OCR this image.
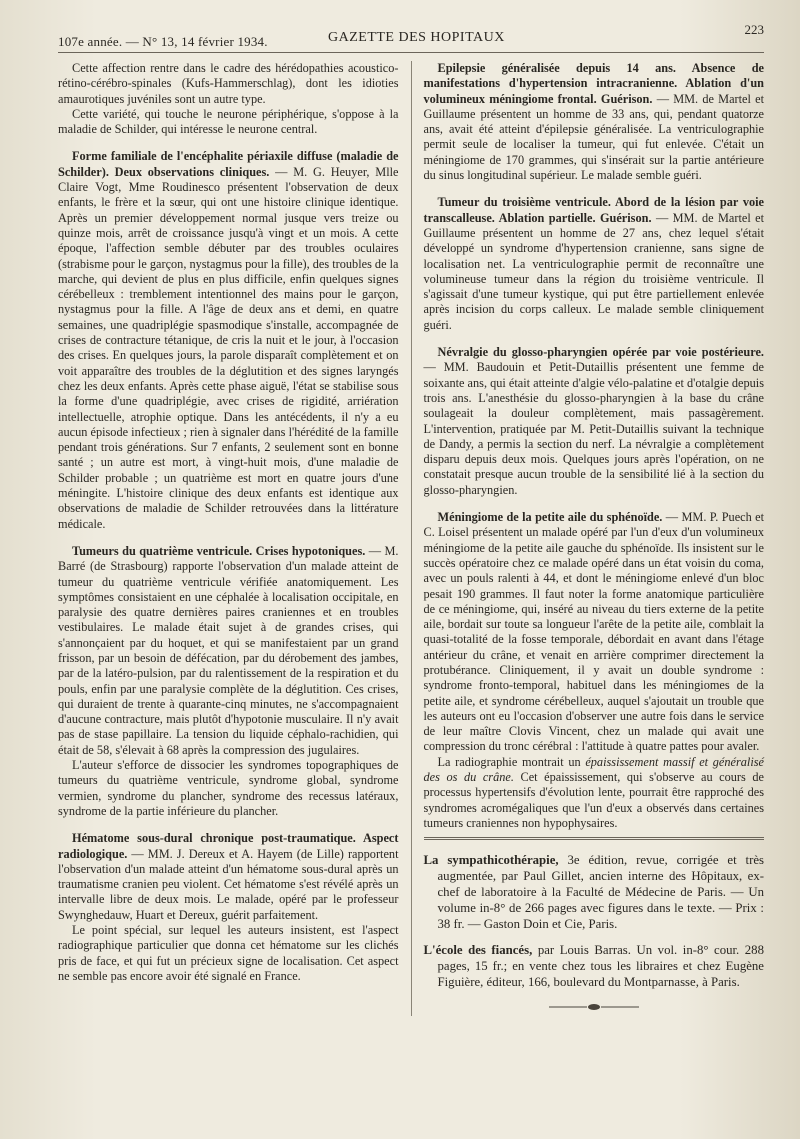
107e année. — N° 13, 14 février 1934.	GAZETTE DES HOPITAUX
223

Cette affection rentre dans le cadre des hérédopathies acoustico-rétino-cérébro-spinales (Kufs-Hammerschlag), dont les idioties amaurotiques juvéniles sont un autre type.

Cette variété, qui touche le neurone périphérique, s'oppose à la maladie de Schilder, qui intéresse le neurone central.

Forme familiale de l'encéphalite périaxile diffuse (maladie de Schilder). Deux observations cliniques. — M. G. Heuyer, Mlle Claire Vogt, Mme Roudinesco présentent l'observation de deux enfants, le frère et la sœur, qui ont une histoire clinique identique. Après un premier développement normal jusque vers treize ou quinze mois, arrêt de croissance jusqu'à vingt et un mois. A cette époque, l'affection semble débuter par des troubles oculaires (strabisme pour le garçon, nystagmus pour la fille), des troubles de la marche, qui devient de plus en plus difficile, enfin quelques signes cérébelleux : tremblement intentionnel des mains pour le garçon, nystagmus pour la fille. A l'âge de deux ans et demi, en quatre semaines, une quadriplégie spasmodique s'installe, accompagnée de crises de contracture tétanique, de cris la nuit et le jour, à l'occasion des crises. En quelques jours, la parole disparaît complètement et on voit apparaître des troubles de la déglutition et des signes laryngés chez les deux enfants. Après cette phase aiguë, l'état se stabilise sous la forme d'une quadriplégie, avec crises de rigidité, arriération intellectuelle, atrophie optique. Dans les antécédents, il n'y a eu aucun épisode infectieux ; rien à signaler dans l'hérédité de la famille pendant trois générations. Sur 7 enfants, 2 seulement sont en bonne santé ; un autre est mort, à vingt-huit mois, d'une maladie de Schilder probable ; un quatrième est mort en quatre jours d'une méningite. L'histoire clinique des deux enfants est identique aux observations de maladie de Schilder retrouvées dans la littérature médicale.

Tumeurs du quatrième ventricule. Crises hypotoniques. — M. Barré (de Strasbourg) rapporte l'observation d'un malade atteint de tumeur du quatrième ventricule vérifiée anatomiquement. Les symptômes consistaient en une céphalée à localisation occipitale, en paralysie des quatre dernières paires craniennes et en troubles vestibulaires. Le malade était sujet à de grandes crises, qui s'annonçaient par du hoquet, et qui se manifestaient par un grand frisson, par un besoin de défécation, par du dérobement des jambes, par de la latéro-pulsion, par du ralentissement de la respiration et du pouls, enfin par une paralysie complète de la déglutition. Ces crises, qui duraient de trente à quarante-cinq minutes, ne s'accompagnaient d'aucune contracture, mais plutôt d'hypotonie musculaire. Il n'y avait pas de stase papillaire. La tension du liquide céphalo-rachidien, qui était de 58, s'élevait à 68 après la compression des jugulaires.

L'auteur s'efforce de dissocier les syndromes topographiques de tumeurs du quatrième ventricule, syndrome global, syndrome vermien, syndrome du plancher, syndrome des recessus latéraux, syndrome de la partie inférieure du plancher.

Hématome sous-dural chronique post-traumatique. Aspect radiologique. — MM. J. Dereux et A. Hayem (de Lille) rapportent l'observation d'un malade atteint d'un hématome sous-dural après un traumatisme cranien peu violent. Cet hématome s'est révélé après un intervalle libre de deux mois. Le malade, opéré par le professeur Swynghedauw, Huart et Dereux, guérit parfaitement.

Le point spécial, sur lequel les auteurs insistent, est l'aspect radiographique particulier que donna cet hématome sur les clichés pris de face, et qui fut un précieux signe de localisation. Cet aspect ne semble pas encore avoir été signalé en France.

Epilepsie généralisée depuis 14 ans. Absence de manifestations d'hypertension intracranienne. Ablation d'un volumineux méningiome frontal. Guérison. — MM. de Martel et Guillaume présentent un homme de 33 ans, qui, pendant quatorze ans, avait été atteint d'épilepsie généralisée. La ventriculographie permit seule de localiser la tumeur, qui fut enlevée. C'était un méningiome de 170 grammes, qui s'insérait sur la partie antérieure du sinus longitudinal supérieur. Le malade semble guéri.

Tumeur du troisième ventricule. Abord de la lésion par voie transcalleuse. Ablation partielle. Guérison. — MM. de Martel et Guillaume présentent un homme de 27 ans, chez lequel s'était développé un syndrome d'hypertension cranienne, sans signe de localisation net. La ventriculographie permit de reconnaître une volumineuse tumeur dans la région du troisième ventricule. Il s'agissait d'une tumeur kystique, qui put être partiellement enlevée après incision du corps calleux. Le malade semble cliniquement guéri.

Névralgie du glosso-pharyngien opérée par voie postérieure. — MM. Baudouin et Petit-Dutaillis présentent une femme de soixante ans, qui était atteinte d'algie vélo-palatine et d'otalgie depuis trois ans. L'anesthésie du glosso-pharyngien à la base du crâne soulageait la douleur complètement, mais passagèrement. L'intervention, pratiquée par M. Petit-Dutaillis suivant la technique de Dandy, a permis la section du nerf. La névralgie a complètement disparu depuis deux mois. Quelques jours après l'opération, on ne constatait presque aucun trouble de la sensibilité lié à la section du glosso-pharyngien.

Méningiome de la petite aile du sphénoïde. — MM. P. Puech et C. Loisel présentent un malade opéré par l'un d'eux d'un volumineux méningiome de la petite aile gauche du sphénoïde. Ils insistent sur le succès opératoire chez ce malade opéré dans un état voisin du coma, avec un pouls ralenti à 44, et dont le méningiome enlevé d'un bloc pesait 190 grammes. Il faut noter la forme anatomique particulière de ce méningiome, qui, inséré au niveau du tiers externe de la petite aile, bordait sur toute sa longueur l'arête de la petite aile, comblait la quasi-totalité de la fosse temporale, débordait en avant dans l'étage antérieur du crâne, et venait en arrière comprimer directement la protubérance. Cliniquement, il y avait un double syndrome : syndrome fronto-temporal, habituel dans les méningiomes de la petite aile, et syndrome cérébelleux, auquel s'ajoutait un trouble que les auteurs ont eu l'occasion d'observer une autre fois dans le service de leur maître Clovis Vincent, chez un malade qui avait une compression du tronc cérébral : l'attitude à quatre pattes pour avaler.

La radiographie montrait un épaississement massif et généralisé des os du crâne. Cet épaississement, qui s'observe au cours de processus hypertensifs d'évolution lente, pourrait être rapproché des syndromes acromégaliques que l'un d'eux a observés dans certaines tumeurs craniennes non hypophysaires.

La sympathicothérapie, 3e édition, revue, corrigée et très augmentée, par Paul Gillet, ancien interne des Hôpitaux, ex-chef de laboratoire à la Faculté de Médecine de Paris. — Un volume in-8° de 266 pages avec figures dans le texte. — Prix : 38 fr. — Gaston Doin et Cie, Paris.

L'école des fiancés, par Louis Barras. Un vol. in-8° cour. 288 pages, 15 fr.; en vente chez tous les libraires et chez Eugène Figuière, éditeur, 166, boulevard du Montparnasse, à Paris.
